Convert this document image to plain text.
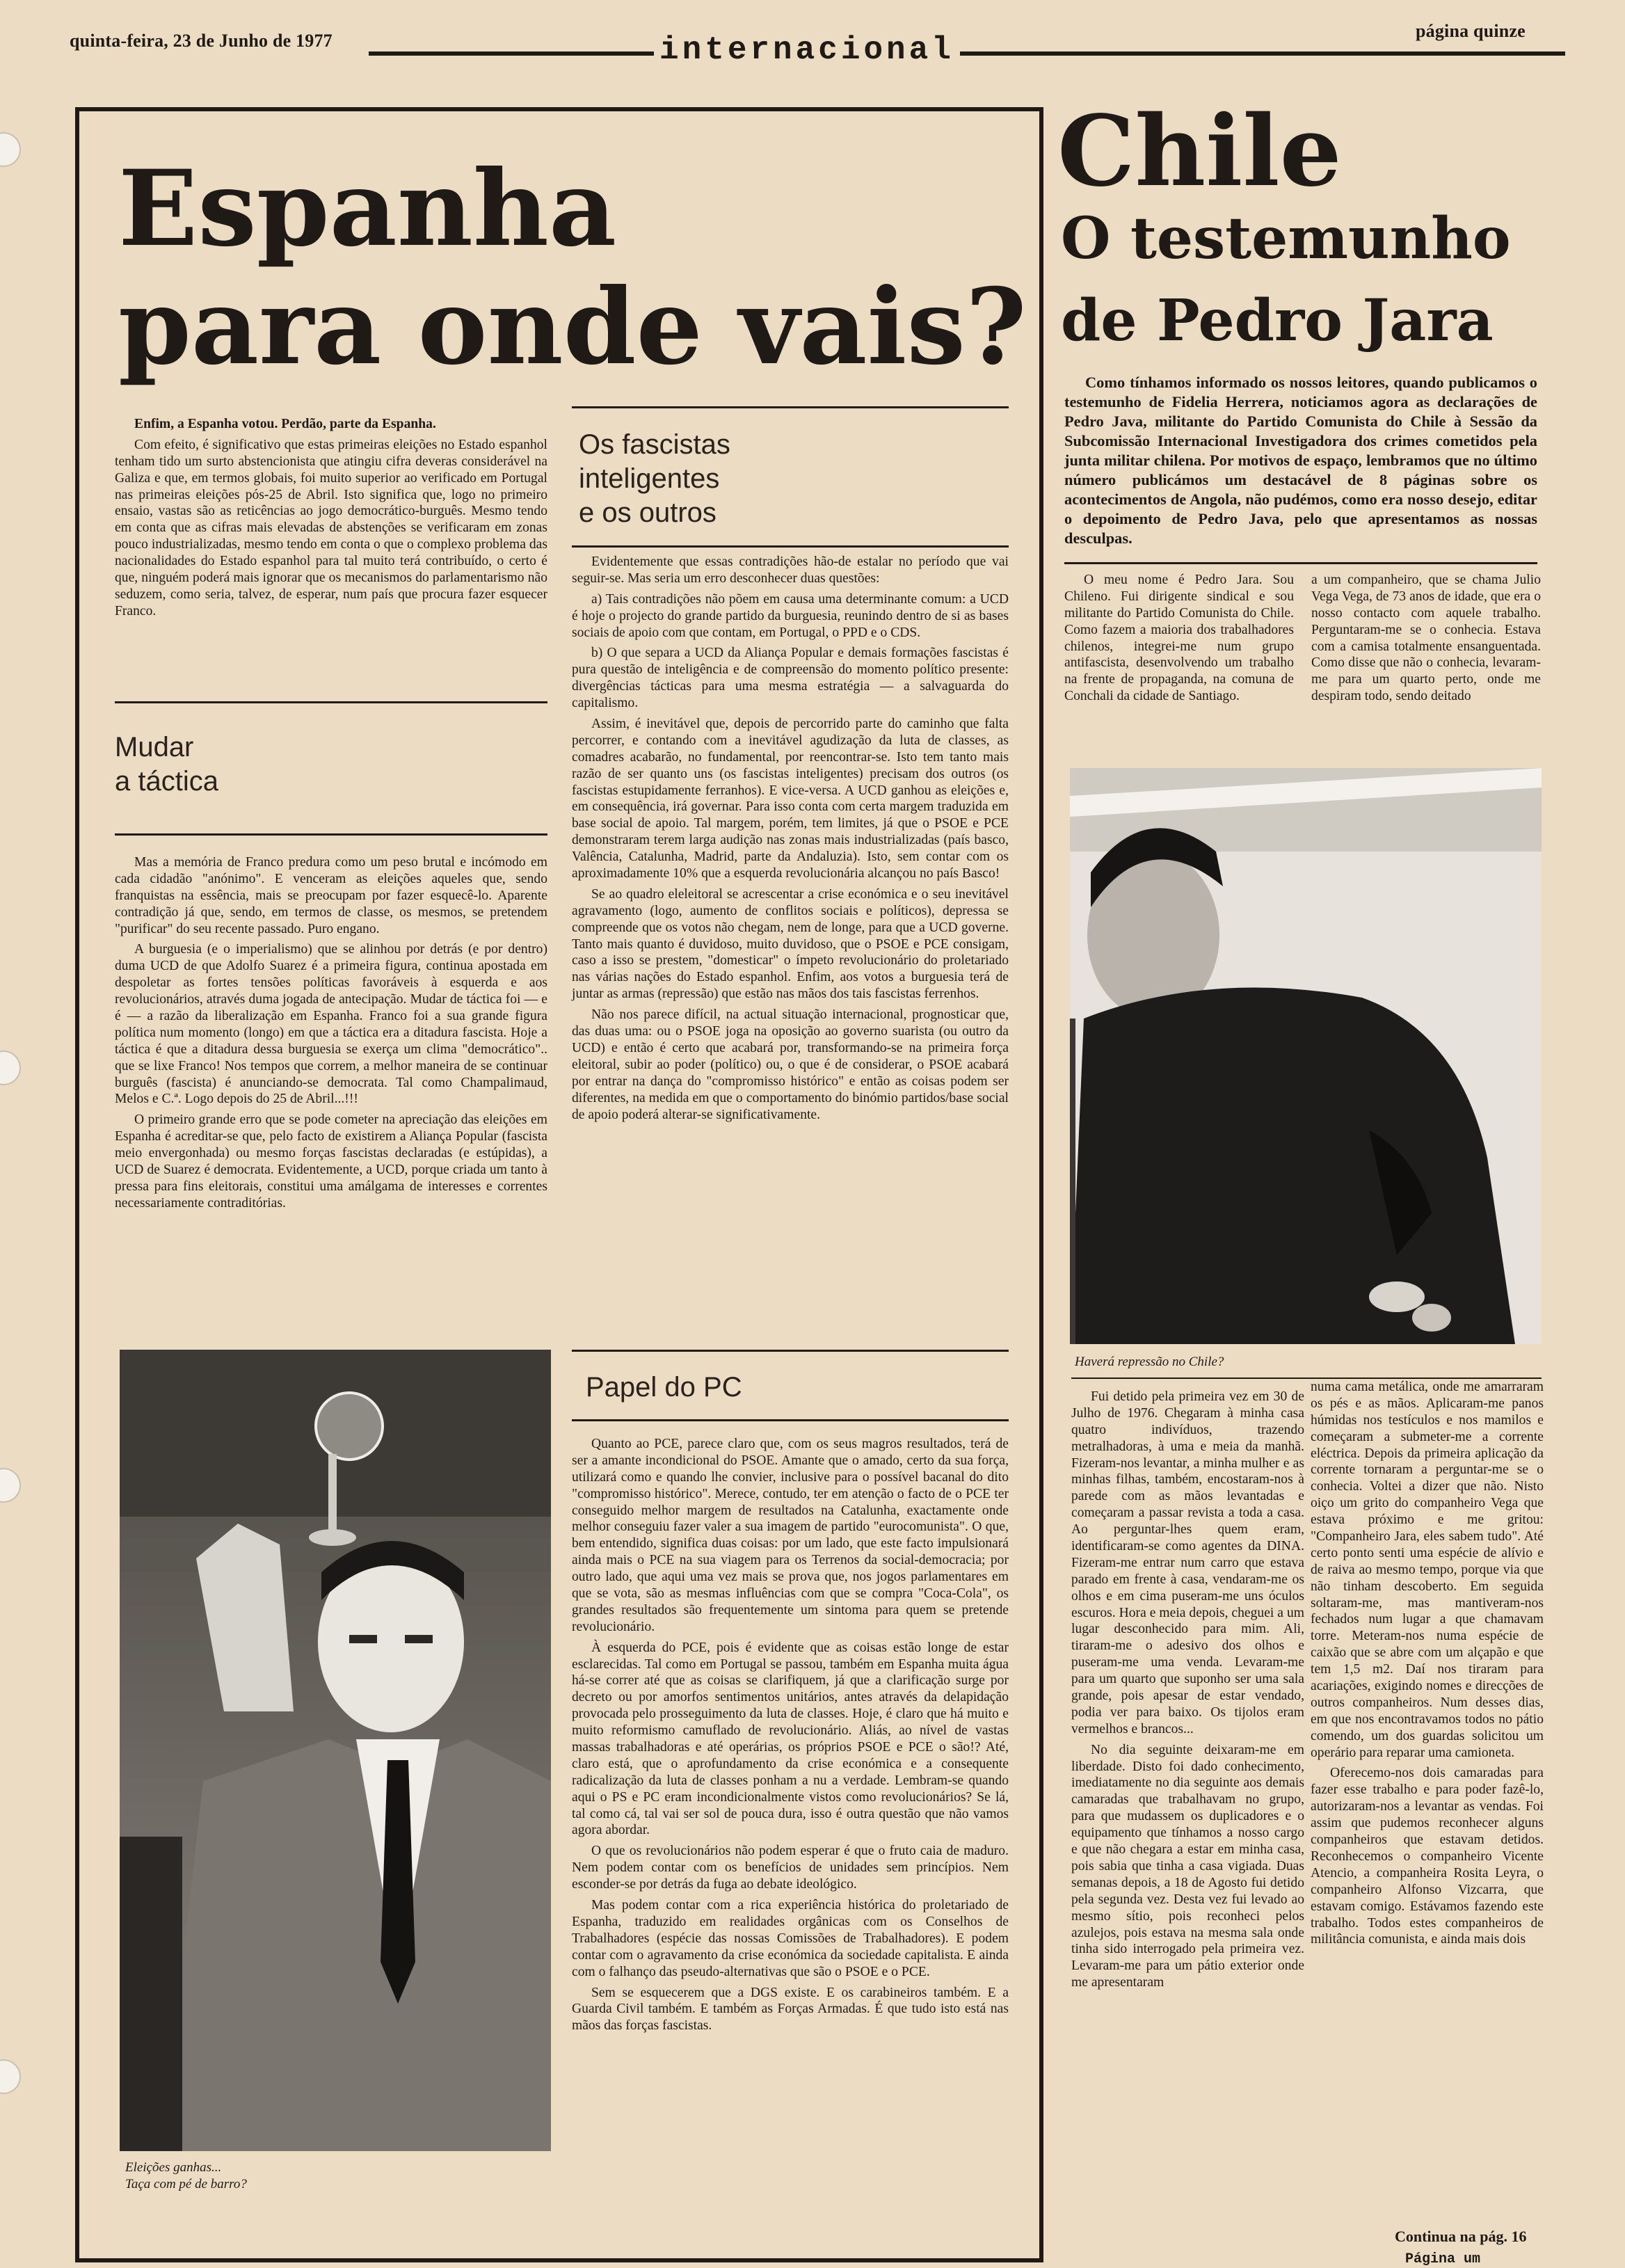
quinta-feira, 23 de Junho de 1977	internacional
página quinze
Espanha
para onde vais?

Enfim, a Espanha votou. Perdão, parte da Espanha.

Com efeito, é significativo que estas primeiras eleições no Estado espanhol tenham tido um surto abstencionista que atingiu cifra deveras considerável na Galiza e que, em termos globais, foi muito superior ao verificado em Portugal nas primeiras eleições pós-25 de Abril. Isto significa que, logo no primeiro ensaio, vastas são as reticências ao jogo democrático-burguês. Mesmo tendo em conta que as cifras mais elevadas de abstenções se verificaram em zonas pouco industrializadas, mesmo tendo em conta o que o complexo problema das nacionalidades do Estado espanhol para tal muito terá contribuído, o certo é que, ninguém poderá mais ignorar que os mecanismos do parlamentarismo não seduzem, como seria, talvez, de esperar, num país que procura fazer esquecer Franco.

Mudar
a táctica

Mas a memória de Franco predura como um peso brutal e incómodo em cada cidadão "anónimo". E venceram as eleições aqueles que, sendo franquistas na essência, mais se preocupam por fazer esquecê-lo. Aparente contradição já que, sendo, em termos de classe, os mesmos, se pretendem "purificar" do seu recente passado. Puro engano.

A burguesia (e o imperialismo) que se alinhou por detrás (e por dentro) duma UCD de que Adolfo Suarez é a primeira figura, continua apostada em despoletar as fortes tensões políticas favoráveis à esquerda e aos revolucionários, através duma jogada de antecipação. Mudar de táctica foi — e é — a razão da liberalização em Espanha. Franco foi a sua grande figura política num momento (longo) em que a táctica era a ditadura fascista. Hoje a táctica é que a ditadura dessa burguesia se exerça um clima "democrático".. que se lixe Franco! Nos tempos que correm, a melhor maneira de se continuar burguês (fascista) é anunciando-se democrata. Tal como Champalimaud, Melos e C.ª. Logo depois do 25 de Abril...!!!

O primeiro grande erro que se pode cometer na apreciação das eleições em Espanha é acreditar-se que, pelo facto de existirem a Aliança Popular (fascista meio envergonhada) ou mesmo forças fascistas declaradas (e estúpidas), a UCD de Suarez é democrata. Evidentemente, a UCD, porque criada um tanto à pressa para fins eleitorais, constitui uma amálgama de interesses e correntes necessariamente contraditórias.

Eleições ganhas...
Taça com pé de barro?
Os fascistas
inteligentes
e os outros

Evidentemente que essas contradições hão-de estalar no período que vai seguir-se. Mas seria um erro desconhecer duas questões:

a) Tais contradições não põem em causa uma determinante comum: a UCD é hoje o projecto do grande partido da burguesia, reunindo dentro de si as bases sociais de apoio com que contam, em Portugal, o PPD e o CDS.

b) O que separa a UCD da Aliança Popular e demais formações fascistas é pura questão de inteligência e de compreensão do momento político presente: divergências tácticas para uma mesma estratégia — a salvaguarda do capitalismo.

Assim, é inevitável que, depois de percorrido parte do caminho que falta percorrer, e contando com a inevitável agudização da luta de classes, as comadres acabarão, no fundamental, por reencontrar-se. Isto tem tanto mais razão de ser quanto uns (os fascistas inteligentes) precisam dos outros (os fascistas estupidamente ferranhos). E vice-versa. A UCD ganhou as eleições e, em consequência, irá governar. Para isso conta com certa margem traduzida em base social de apoio. Tal margem, porém, tem limites, já que o PSOE e PCE demonstraram terem larga audição nas zonas mais industrializadas (país basco, Valência, Catalunha, Madrid, parte da Andaluzia). Isto, sem contar com os aproximadamente 10% que a esquerda revolucionária alcançou no país Basco!

Se ao quadro eleleitoral se acrescentar a crise económica e o seu inevitável agravamento (logo, aumento de conflitos sociais e políticos), depressa se compreende que os votos não chegam, nem de longe, para que a UCD governe. Tanto mais quanto é duvidoso, muito duvidoso, que o PSOE e PCE consigam, caso a isso se prestem, "domesticar" o ímpeto revolucionário do proletariado nas várias nações do Estado espanhol. Enfim, aos votos a burguesia terá de juntar as armas (repressão) que estão nas mãos dos tais fascistas ferrenhos.

Não nos parece difícil, na actual situação internacional, prognosticar que, das duas uma: ou o PSOE joga na oposição ao governo suarista (ou outro da UCD) e então é certo que acabará por, transformando-se na primeira força eleitoral, subir ao poder (político) ou, o que é de considerar, o PSOE acabará por entrar na dança do "compromisso histórico" e então as coisas podem ser diferentes, na medida em que o comportamento do binómio partidos/base social de apoio poderá alterar-se significativamente.

Papel do PC

Quanto ao PCE, parece claro que, com os seus magros resultados, terá de ser a amante incondicional do PSOE. Amante que o amado, certo da sua força, utilizará como e quando lhe convier, inclusive para o possível bacanal do dito "compromisso histórico". Merece, contudo, ter em atenção o facto de o PCE ter conseguido melhor margem de resultados na Catalunha, exactamente onde melhor conseguiu fazer valer a sua imagem de partido "eurocomunista". O que, bem entendido, significa duas coisas: por um lado, que este facto impulsionará ainda mais o PCE na sua viagem para os Terrenos da social-democracia; por outro lado, que aqui uma vez mais se prova que, nos jogos parlamentares em que se vota, são as mesmas influências com que se compra "Coca-Cola", os grandes resultados são frequentemente um sintoma para quem se pretende revolucionário.

À esquerda do PCE, pois é evidente que as coisas estão longe de estar esclarecidas. Tal como em Portugal se passou, também em Espanha muita água há-se correr até que as coisas se clarifiquem, já que a clarificação surge por decreto ou por amorfos sentimentos unitários, antes através da delapidação provocada pelo prosseguimento da luta de classes. Hoje, é claro que há muito e muito reformismo camuflado de revolucionário. Aliás, ao nível de vastas massas trabalhadoras e até operárias, os próprios PSOE e PCE o são!? Até, claro está, que o aprofundamento da crise económica e a consequente radicalização da luta de classes ponham a nu a verdade. Lembram-se quando aqui o PS e PC eram incondicionalmente vistos como revolucionários? Se lá, tal como cá, tal vai ser sol de pouca dura, isso é outra questão que não vamos agora abordar.

O que os revolucionários não podem esperar é que o fruto caia de maduro. Nem podem contar com os benefícios de unidades sem princípios. Nem esconder-se por detrás da fuga ao debate ideológico.

Mas podem contar com a rica experiência histórica do proletariado de Espanha, traduzido em realidades orgânicas com os Conselhos de Trabalhadores (espécie das nossas Comissões de Trabalhadores). E podem contar com o agravamento da crise económica da sociedade capitalista. E ainda com o falhanço das pseudo-alternativas que são o PSOE e o PCE.

Sem se esquecerem que a DGS existe. E os carabineiros também. E a Guarda Civil também. E também as Forças Armadas. É que tudo isto está nas mãos das forças fascistas.

Chile
O testemunho
de Pedro Jara
Como tínhamos informado os nossos leitores, quando publicamos o testemunho de Fidelia Herrera, noticiamos agora as declarações de Pedro Java, militante do Partido Comunista do Chile à Sessão da Subcomissão Internacional Investigadora dos crimes cometidos pela junta militar chilena. Por motivos de espaço, lembramos que no último número publicámos um destacável de 8 páginas sobre os acontecimentos de Angola, não pudémos, como era nosso desejo, editar o depoimento de Pedro Java, pelo que apresentamos as nossas desculpas.

O meu nome é Pedro Jara. Sou Chileno. Fui dirigente sindical e sou militante do Partido Comunista do Chile. Como fazem a maioria dos trabalhadores chilenos, integrei-me num grupo antifascista, desenvolvendo um trabalho na frente de propaganda, na comuna de Conchali da cidade de Santiago.

a um companheiro, que se chama Julio Vega Vega, de 73 anos de idade, que era o nosso contacto com aquele trabalho. Perguntaram-me se o conhecia. Estava com a camisa totalmente ensanguentada. Como disse que não o conhecia, levaram-me para um quarto perto, onde me despiram todo, sendo deitado

Haverá repressão no Chile?

Fui detido pela primeira vez em 30 de Julho de 1976. Chegaram à minha casa quatro indivíduos, trazendo metralhadoras, à uma e meia da manhã. Fizeram-nos levantar, a minha mulher e as minhas filhas, também, encostaram-nos à parede com as mãos levantadas e começaram a passar revista a toda a casa. Ao perguntar-lhes quem eram, identificaram-se como agentes da DINA. Fizeram-me entrar num carro que estava parado em frente à casa, vendaram-me os olhos e em cima puseram-me uns óculos escuros. Hora e meia depois, cheguei a um lugar desconhecido para mim. Ali, tiraram-me o adesivo dos olhos e puseram-me uma venda. Levaram-me para um quarto que suponho ser uma sala grande, pois apesar de estar vendado, podia ver para baixo. Os tijolos eram vermelhos e brancos...

No dia seguinte deixaram-me em liberdade. Disto foi dado conhecimento, imediatamente no dia seguinte aos demais camaradas que trabalhavam no grupo, para que mudassem os duplicadores e o equipamento que tínhamos a nosso cargo e que não chegara a estar em minha casa, pois sabia que tinha a casa vigiada. Duas semanas depois, a 18 de Agosto fui detido pela segunda vez. Desta vez fui levado ao mesmo sítio, pois reconheci pelos azulejos, pois estava na mesma sala onde tinha sido interrogado pela primeira vez. Levaram-me para um pátio exterior onde me apresentaram

numa cama metálica, onde me amarraram os pés e as mãos. Aplicaram-me panos húmidas nos testículos e nos mamilos e começaram a submeter-me a corrente eléctrica. Depois da primeira aplicação da corrente tornaram a perguntar-me se o conhecia. Voltei a dizer que não. Nisto oiço um grito do companheiro Vega que estava próximo e me gritou: "Companheiro Jara, eles sabem tudo". Até certo ponto senti uma espécie de alívio e de raiva ao mesmo tempo, porque via que não tinham descoberto. Em seguida soltaram-me, mas mantiveram-nos fechados num lugar a que chamavam torre. Meteram-nos numa espécie de caixão que se abre com um alçapão e que tem 1,5 m2. Daí nos tiraram para acariações, exigindo nomes e direcções de outros companheiros. Num desses dias, em que nos encontravamos todos no pátio comendo, um dos guardas solicitou um operário para reparar uma camioneta.

Oferecemo-nos dois camaradas para fazer esse trabalho e para poder fazê-lo, autorizaram-nos a levantar as vendas. Foi assim que pudemos reconhecer alguns companheiros que estavam detidos. Reconhecemos o companheiro Vicente Atencio, a companheira Rosita Leyra, o companheiro Alfonso Vizcarra, que estavam comigo. Estávamos fazendo este trabalho. Todos estes companheiros de militância comunista, e ainda mais dois

Continua na pág. 16
Página um
